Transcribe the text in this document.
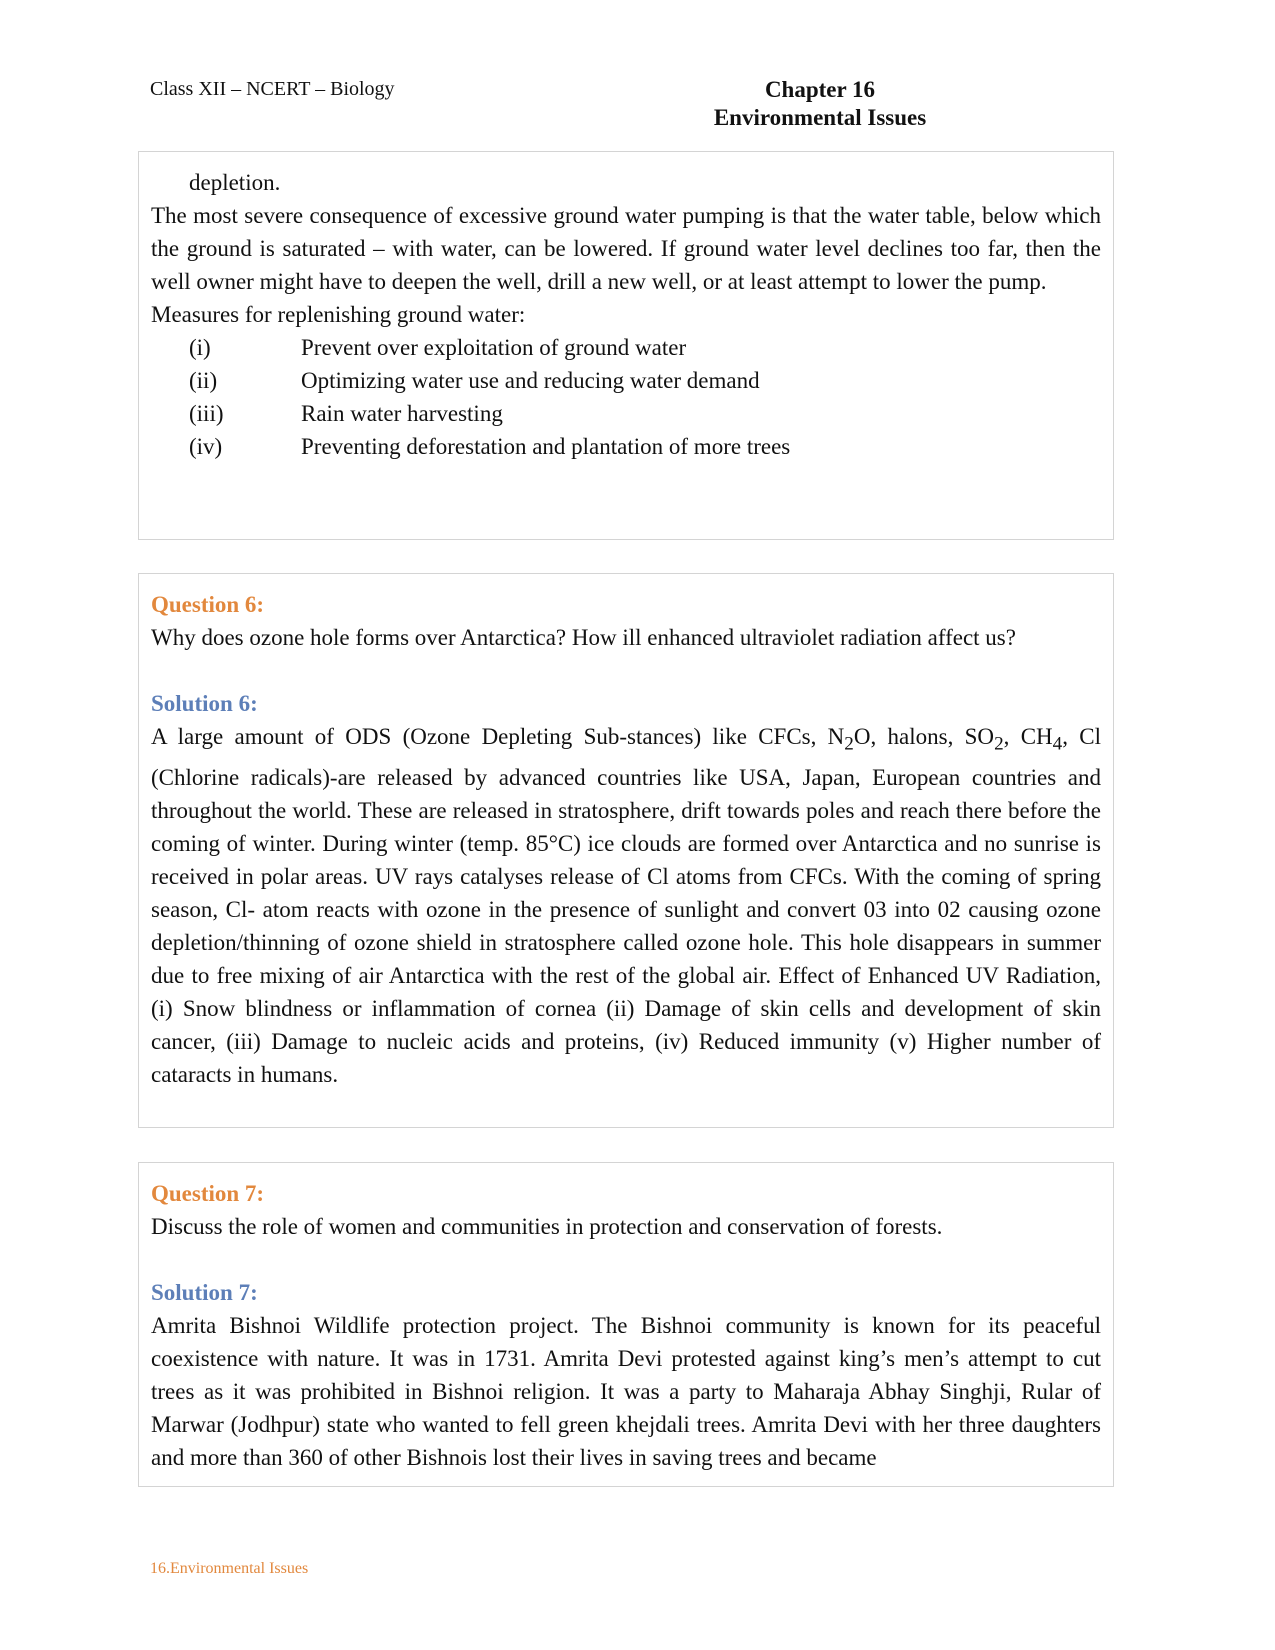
Class XII – NCERT – Biology	Chapter 16
Environmental Issues

depletion.

The most severe consequence of excessive ground water pumping is that the water table, below which the ground is saturated – with water, can be lowered. If ground water level declines too far, then the well owner might have to deepen the well, drill a new well, or at least attempt to lower the pump.

Measures for replenishing ground water:

(i)	Prevent over exploitation of ground water
(ii)	Optimizing water use and reducing water demand
(iii)	Rain water harvesting
(iv)	Preventing deforestation and plantation of more trees

Question 6:

Why does ozone hole forms over Antarctica? How ill enhanced ultraviolet radiation affect us?

Solution 6:

A large amount of ODS (Ozone Depleting Sub-stances) like CFCs, $N_2O$, halons, $SO_2$, $CH_4$, Cl (Chlorine radicals)-are released by advanced countries like USA, Japan, European countries and throughout the world. These are released in stratosphere, drift towards poles and reach there before the coming of winter. During winter (temp. 85°C) ice clouds are formed over Antarctica and no sunrise is received in polar areas. UV rays catalyses release of Cl atoms from CFCs. With the coming of spring season, Cl- atom reacts with ozone in the presence of sunlight and convert 03 into 02 causing ozone depletion/thinning of ozone shield in stratosphere called ozone hole. This hole disappears in summer due to free mixing of air Antarctica with the rest of the global air. Effect of Enhanced UV Radiation, (i) Snow blindness or inflammation of cornea (ii) Damage of skin cells and development of skin cancer, (iii) Damage to nucleic acids and proteins, (iv) Reduced immunity (v) Higher number of cataracts in humans.

Question 7:

Discuss the role of women and communities in protection and conservation of forests.

Solution 7:

Amrita Bishnoi Wildlife protection project. The Bishnoi community is known for its peaceful coexistence with nature. It was in 1731. Amrita Devi protested against king’s men’s attempt to cut trees as it was prohibited in Bishnoi religion. It was a party to Maharaja Abhay Singhji, Rular of Marwar (Jodhpur) state who wanted to fell green khejdali trees. Amrita Devi with her three daughters and more than 360 of other Bishnois lost their lives in saving trees and became

16.Environmental Issues
